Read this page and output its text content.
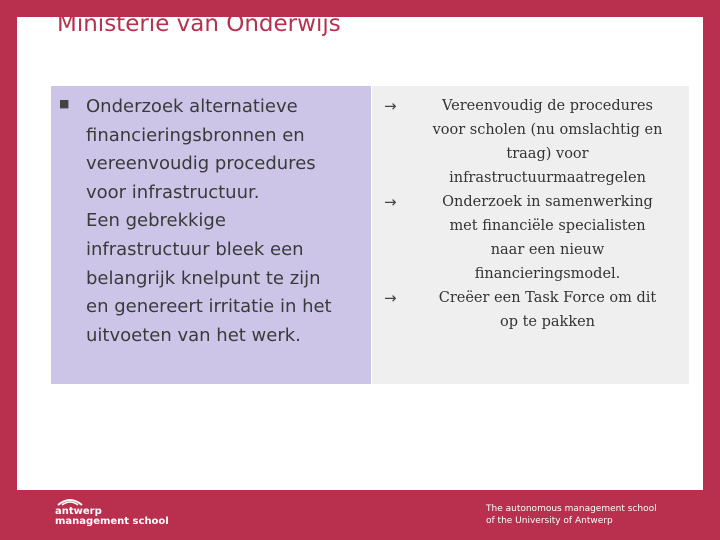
Ministerie van Onderwijs
■ Onderzoek alternatieve
financieringsbronnen en
vereenvoudig procedures
voor infrastructuur.
Een gebrekkige
infrastructuur bleek een
belangrijk knelpunt te zijn
en genereert irritatie in het
uitvoeten van het werk.
→	Vereenvoudig de procedures
voor scholen (nu omslachtig en
traag) voor
infrastructuurmaatregelen
→	Onderzoek in samenwerking
met financiële specialisten
naar een nieuw
financieringsmodel.
→	Creëer een Task Force om dit
op te pakken
antwerp
management school
The autonomous management school
of the University of Antwerp
